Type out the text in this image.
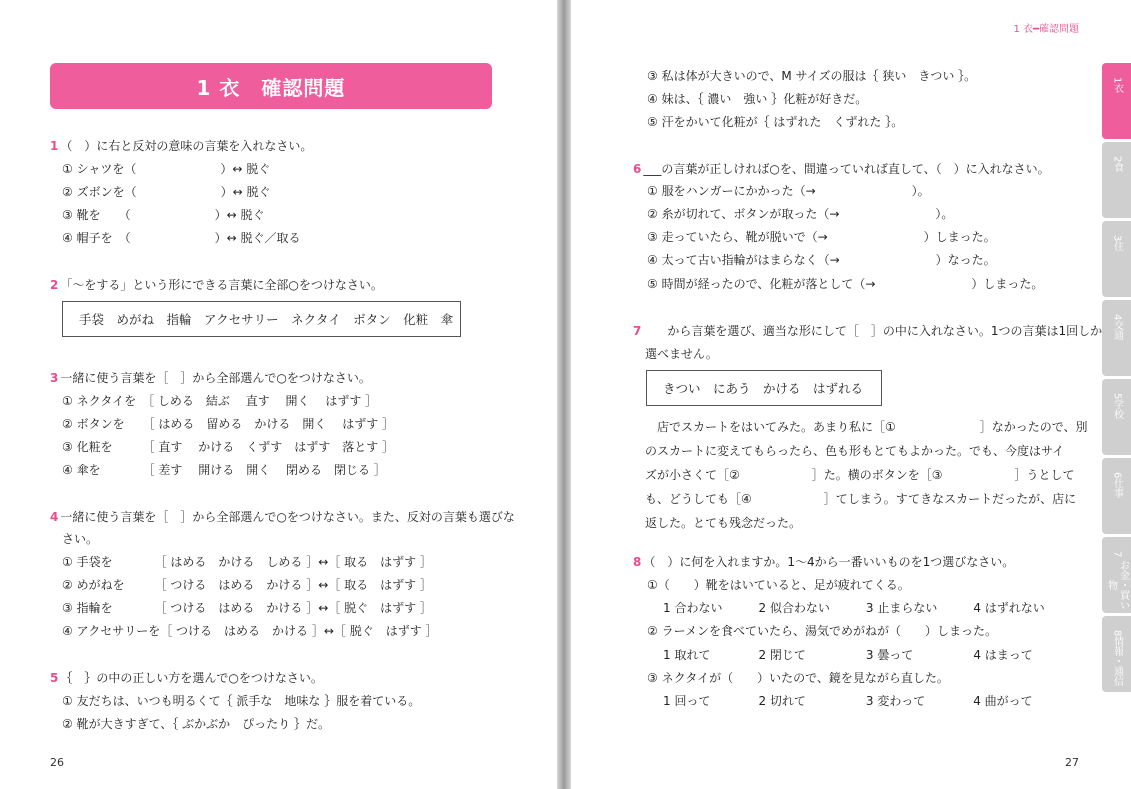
1 衣　確認問題
1 （　）に右と反対の意味の言葉を入れなさい。
① シャツを（　　　　　　　）↔ 脱ぐ
② ズボンを（　　　　　　　）↔ 脱ぐ
③ 靴を　　（　　　　　　　）↔ 脱ぐ
④ 帽子を　（　　　　　　　）↔ 脱ぐ／取る
2 「〜をする」という形にできる言葉に全部○をつけなさい。
手袋　めがね　指輪　アクセサリー　ネクタイ　ボタン　化粧　傘
3 一緒に使う言葉を［　］から全部選んで○をつけなさい。
① ネクタイを　［ しめる　結ぶ　 直す　 開く　 はずす ］
② ボタンを　　［ はめる　留める　かける　開く　 はずす ］
③ 化粧を　　　［ 直す　 かける　くずす　はずす　落とす ］
④ 傘を　　　　［ 差す　 開ける　開く　 閉める　閉じる ］
4 一緒に使う言葉を［　］から全部選んで○をつけなさい。また、反対の言葉も選びな
さい。
① 手袋を　　　　［ はめる　かける　しめる ］↔［ 取る　はずす ］
② めがねを　　　［ つける　はめる　かける ］↔［ 取る　はずす ］
③ 指輪を　　　　［ つける　はめる　かける ］↔［ 脱ぐ　はずす ］
④ アクセサリーを［ つける　はめる　かける ］↔［ 脱ぐ　はずす ］
5 ｛　｝の中の正しい方を選んで○をつけなさい。
① 友だちは、いつも明るくて｛ 派手な　地味な ｝服を着ている。
② 靴が大きすぎて、｛ ぶかぶか　ぴったり ｝だ。
26
1 衣━確認問題
③ 私は体が大きいので、M サイズの服は｛ 狭い　きつい ｝。
④ 妹は、｛ 濃い　強い ｝化粧が好きだ。
⑤ 汗をかいて化粧が｛ はずれた　くずれた ｝。
6 ___の言葉が正しければ○を、間違っていれば直して、（　）に入れなさい。
① 服をハンガーにかかった（→　　　　　　　　）。
② 糸が切れて、ボタンが取った（→　　　　　　　　）。
③ 走っていたら、靴が脱いで（→　　　　　　　　）しまった。
④ 太って古い指輪がはまらなく（→　　　　　　　　）なった。
⑤ 時間が経ったので、化粧が落として（→　　　　　　　　）しまった。
7　　から言葉を選び、適当な形にして［　］の中に入れなさい。1つの言葉は1回しか
選べません。
きつい　にあう　かける　はずれる
　店でスカートをはいてみた。あまり私に［①　　　　　　　］なかったので、別
のスカートに変えてもらったら、色も形もとてもよかった。でも、今度はサイ
ズが小さくて［②　　　　　　］た。横のボタンを［③　　　　　　］うとして
も、どうしても［④　　　　　　］てしまう。すてきなスカートだったが、店に
返した。とても残念だった。
8 （　）に何を入れますか。1〜4から一番いいものを1つ選びなさい。
①（　　）靴をはいていると、足が疲れてくる。
1 合わない　　　2 似合わない　　　3 止まらない　　　4 はずれない
② ラーメンを食べていたら、湯気でめがねが（　　）しまった。
1 取れて　　　　2 閉じて　　　　　3 曇って　　　　　4 はまって
③ ネクタイが（　　）いたので、鏡を見ながら直した。
1 回って　　　　2 切れて　　　　　3 変わって　　　　4 曲がって
27
1
衣
2
食
3
住
4
交通
5
学校
6
仕事
7
お金・買い物
8
情報・通信
